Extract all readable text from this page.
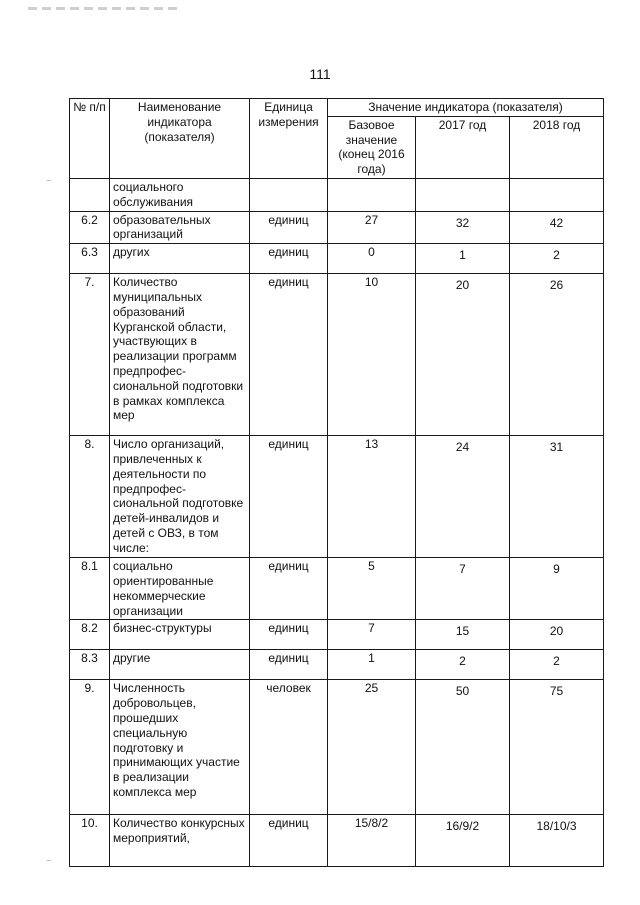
111
№ п/п	Наименование индикатора (показателя)	Единица измерения	Значение индикатора (показателя)		
			Базовое значение (конец 2016 года)	2017 год	2018 год
	социального обслуживания				
6.2	образовательных организаций	единиц	27	32	42
6.3	других	единиц	0	1	2
7.	Количество муниципальных образований Курганской области, участвующих в реализации программ предпрофес-сиональной подготовки в рамках комплекса мер	единиц	10	20	26
8.	Число организаций, привлеченных к деятельности по предпрофес-сиональной подготовке детей-инвалидов и детей с ОВЗ, в том числе:	единиц	13	24	31
8.1	социально ориентированные некоммерческие организации	единиц	5	7	9
8.2	бизнес-структуры	единиц	7	15	20
8.3	другие	единиц	1	2	2
9.	Численность добровольцев, прошедших специальную подготовку и принимающих участие в реализации комплекса мер	человек	25	50	75
10.	Количество конкурсных мероприятий,	единиц	15/8/2	16/9/2	18/10/3
